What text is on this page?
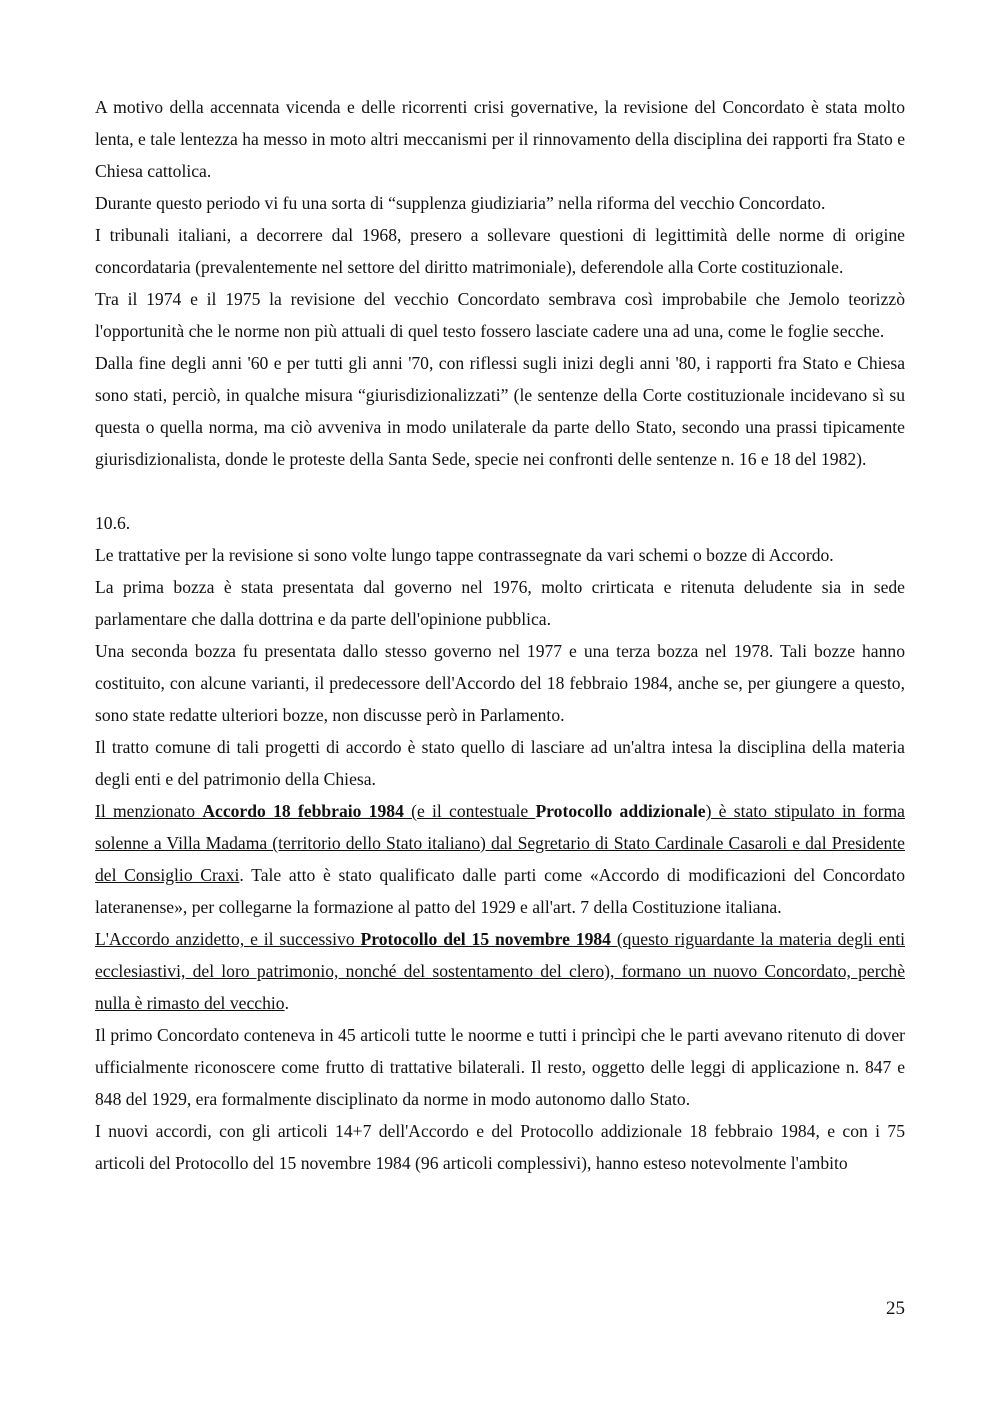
A motivo della accennata vicenda e delle ricorrenti crisi governative, la revisione del Concordato è stata molto lenta, e tale lentezza ha messo in moto altri meccanismi per il rinnovamento della disciplina dei rapporti fra Stato e Chiesa cattolica.

Durante questo periodo vi fu una sorta di “supplenza giudiziaria” nella riforma del vecchio Concordato.

I tribunali italiani, a decorrere dal 1968, presero a sollevare questioni di legittimità delle norme di origine concordataria (prevalentemente nel settore del diritto matrimoniale), deferendole alla Corte costituzionale.

Tra il 1974 e il 1975 la revisione del vecchio Concordato sembrava così improbabile che Jemolo teorizzò l'opportunità che le norme non più attuali di quel testo fossero lasciate cadere una ad una, come le foglie secche.

Dalla fine degli anni '60 e per tutti gli anni '70, con riflessi sugli inizi degli anni '80, i rapporti fra Stato e Chiesa sono stati, perciò, in qualche misura “giurisdizionalizzati” (le sentenze della Corte costituzionale incidevano sì su questa o quella norma, ma ciò avveniva in modo unilaterale da parte dello Stato, secondo una prassi tipicamente giurisdizionalista, donde le proteste della Santa Sede, specie nei confronti delle sentenze n. 16 e 18 del 1982).

10.6.

Le trattative per la revisione si sono volte lungo tappe contrassegnate da vari schemi o bozze di Accordo.

La prima bozza è stata presentata dal governo nel 1976, molto crirticata e ritenuta deludente sia in sede parlamentare che dalla dottrina e da parte dell'opinione pubblica.

Una seconda bozza fu presentata dallo stesso governo nel 1977 e una terza bozza nel 1978. Tali bozze hanno costituito, con alcune varianti, il predecessore dell'Accordo del 18 febbraio 1984, anche se, per giungere a questo, sono state redatte ulteriori bozze, non discusse però in Parlamento.

Il tratto comune di tali progetti di accordo è stato quello di lasciare ad un'altra intesa la disciplina della materia degli enti e del patrimonio della Chiesa.

Il menzionato Accordo 18 febbraio 1984 (e il contestuale Protocollo addizionale) è stato stipulato in forma solenne a Villa Madama (territorio dello Stato italiano) dal Segretario di Stato Cardinale Casaroli e dal Presidente del Consiglio Craxi. Tale atto è stato qualificato dalle parti come «Accordo di modificazioni del Concordato lateranense», per collegarne la formazione al patto del 1929 e all'art. 7 della Costituzione italiana.

L'Accordo anzidetto, e il successivo Protocollo del 15 novembre 1984 (questo riguardante la materia degli enti ecclesiastivi, del loro patrimonio, nonché del sostentamento del clero), formano un nuovo Concordato, perchè nulla è rimasto del vecchio.

Il primo Concordato conteneva in 45 articoli tutte le noorme e tutti i princìpi che le parti avevano ritenuto di dover ufficialmente riconoscere come frutto di trattative bilaterali. Il resto, oggetto delle leggi di applicazione n. 847 e 848 del 1929, era formalmente disciplinato da norme in modo autonomo dallo Stato.

I nuovi accordi, con gli articoli 14+7 dell'Accordo e del Protocollo addizionale 18 febbraio 1984, e con i 75 articoli del Protocollo del 15 novembre 1984 (96 articoli complessivi), hanno esteso notevolmente l'ambito

25
